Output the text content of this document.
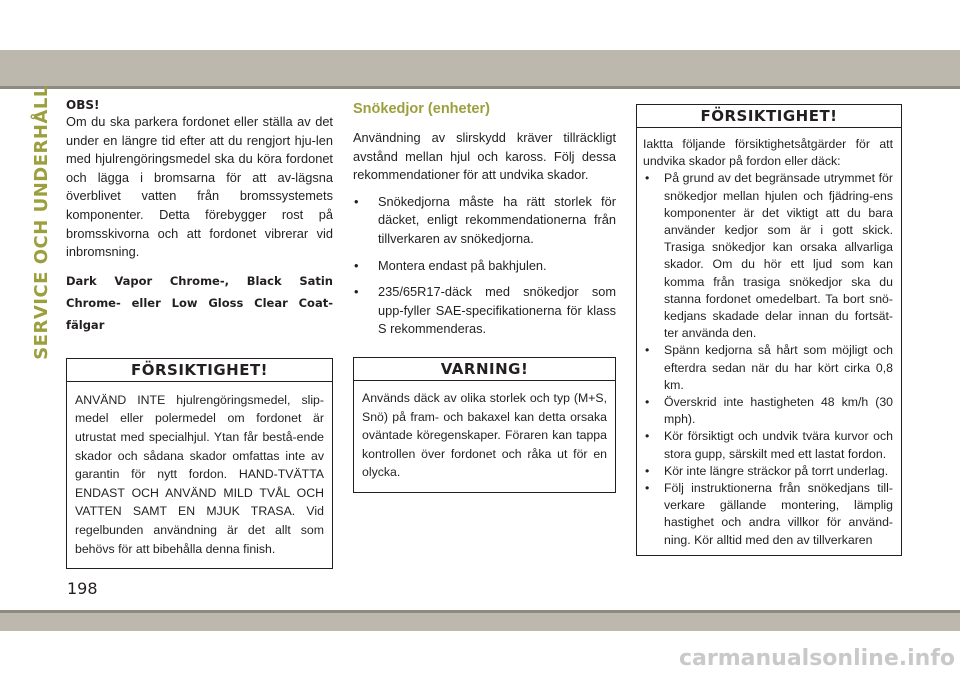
SERVICE OCH UNDERHÅLL OBS!

Om du ska parkera fordonet eller ställa av det under en längre tid efter att du rengjort hju-len med hjulrengöringsmedel ska du köra fordonet och lägga i bromsarna för att av-lägsna överblivet vatten från bromssystemets komponenter. Detta förebygger rost på bromsskivorna och att fordonet vibrerar vid inbromsning.

Dark Vapor Chrome-, Black Satin Chrome- eller Low Gloss Clear Coat-fälgar
FÖRSIKTIGHET!
ANVÄND INTE hjulrengöringsmedel, slip-medel eller polermedel om fordonet är utrustat med specialhjul. Ytan får bestå-ende skador och sådana skador omfattas inte av garantin för nytt fordon. HAND-TVÄTTA ENDAST OCH ANVÄND MILD TVÅL OCH VATTEN SAMT EN MJUK TRASA. Vid regelbunden användning är det allt som behövs för att bibehålla denna finish.
Snökedjor (enheter)

Användning av slirskydd kräver tillräckligt avstånd mellan hjul och kaross. Följ dessa rekommendationer för att undvika skador.

• Snökedjorna måste ha rätt storlek för däcket, enligt rekommendationerna från tillverkaren av snökedjorna.
• Montera endast på bakhjulen.
• 235/65R17-däck med snökedjor som upp-fyller SAE-specifikationerna för klass S rekommenderas.
VARNING!
Används däck av olika storlek och typ (M+S, Snö) på fram- och bakaxel kan detta orsaka oväntade köregenskaper. Föraren kan tappa kontrollen över fordonet och råka ut för en olycka.
FÖRSIKTIGHET!

Iaktta följande försiktighetsåtgärder för att undvika skador på fordon eller däck:

• På grund av det begränsade utrymmet för snökedjor mellan hjulen och fjädring-ens komponenter är det viktigt att du bara använder kedjor som är i gott skick. Trasiga snökedjor kan orsaka allvarliga skador. Om du hör ett ljud som kan komma från trasiga snökedjor ska du stanna fordonet omedelbart. Ta bort snö-kedjans skadade delar innan du fortsät-ter använda den.
• Spänn kedjorna så hårt som möjligt och efterdra sedan när du har kört cirka 0,8 km.
• Överskrid inte hastigheten 48 km/h (30 mph).
• Kör försiktigt och undvik tvära kurvor och stora gupp, särskilt med ett lastat fordon.
• Kör inte längre sträckor på torrt underlag.
• Följ instruktionerna från snökedjans till-verkare gällande montering, lämplig hastighet och andra villkor för använd-ning. Kör alltid med den av tillverkaren
198
carmanualsonline.info
